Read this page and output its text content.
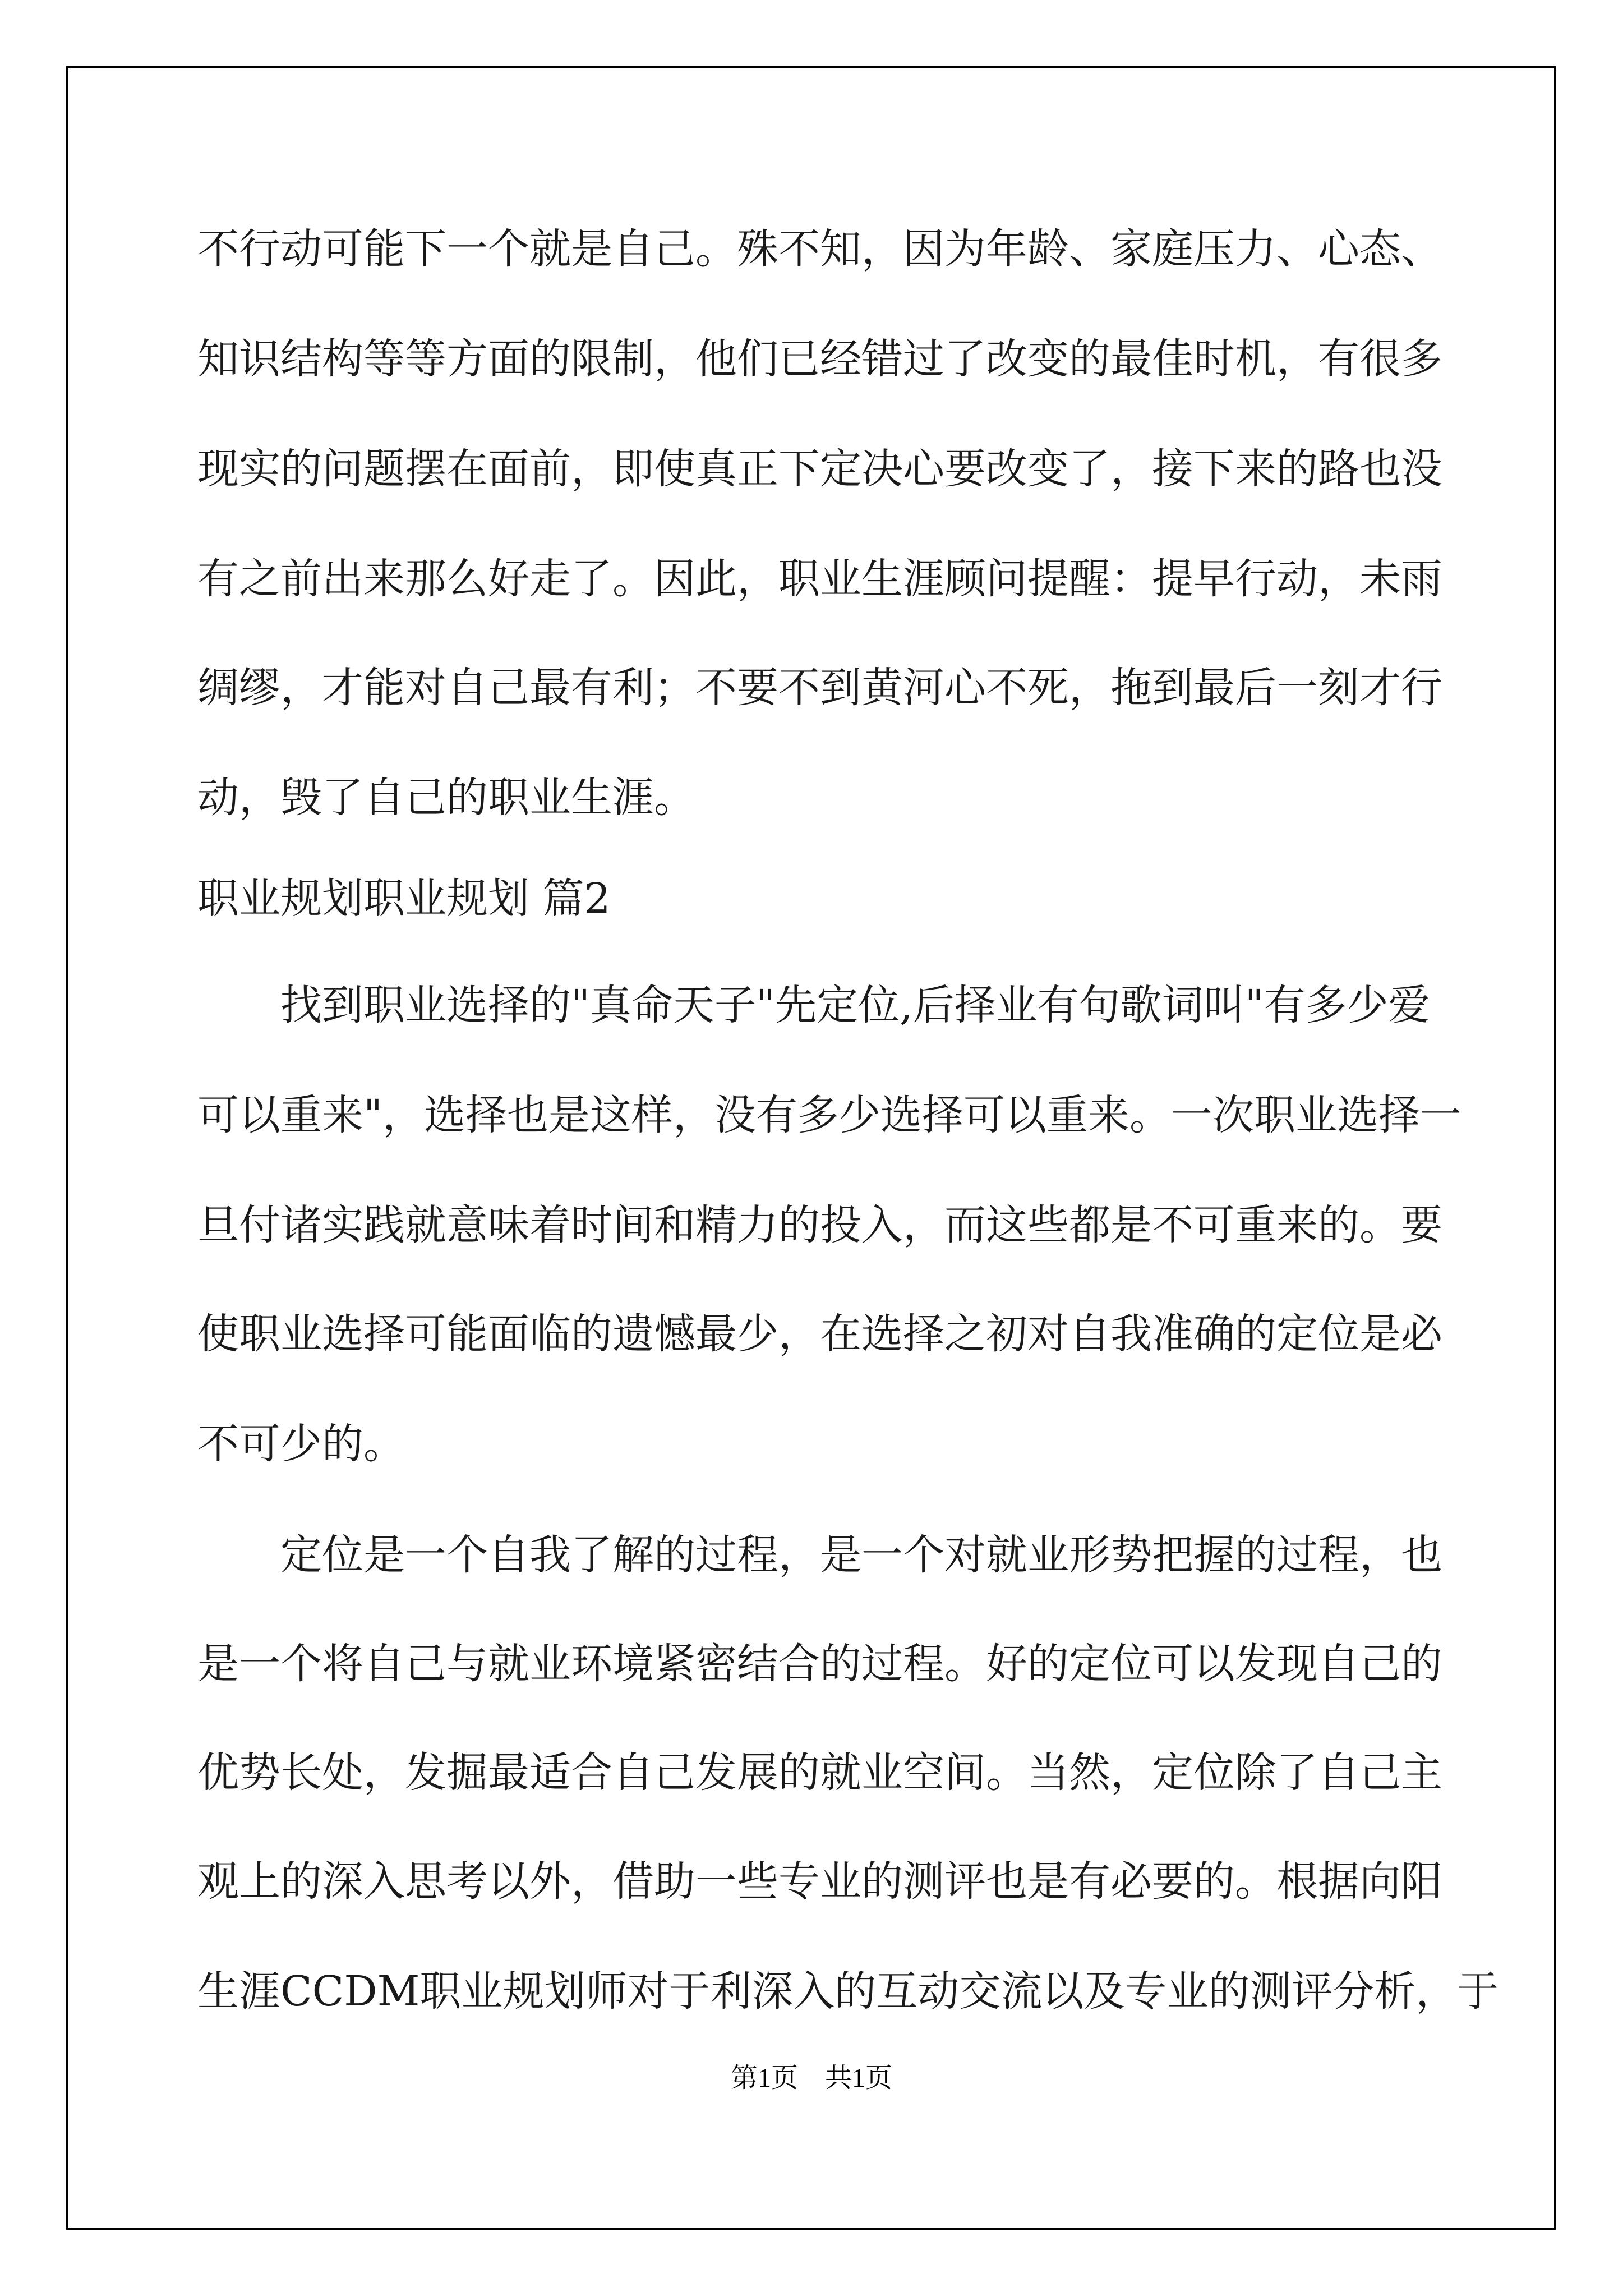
不行动可能下一个就是自己。殊不知，因为年龄、家庭压力、心态、
知识结构等等方面的限制，他们已经错过了改变的最佳时机，有很多
现实的问题摆在面前，即使真正下定决心要改变了，接下来的路也没
有之前出来那么好走了。因此，职业生涯顾问提醒：提早行动，未雨
绸缪，才能对自己最有利；不要不到黄河心不死，拖到最后一刻才行
动，毁了自己的职业生涯。
职业规划职业规划 篇2
找到职业选择的"真命天子"先定位,后择业有句歌词叫"有多少爱
可以重来"，选择也是这样，没有多少选择可以重来。一次职业选择一
旦付诸实践就意味着时间和精力的投入，而这些都是不可重来的。要
使职业选择可能面临的遗憾最少，在选择之初对自我准确的定位是必
不可少的。
定位是一个自我了解的过程，是一个对就业形势把握的过程，也
是一个将自己与就业环境紧密结合的过程。好的定位可以发现自己的
优势长处，发掘最适合自己发展的就业空间。当然，定位除了自己主
观上的深入思考以外，借助一些专业的测评也是有必要的。根据向阳
生涯CCDM职业规划师对于利深入的互动交流以及专业的测评分析，于
第1页　共1页
